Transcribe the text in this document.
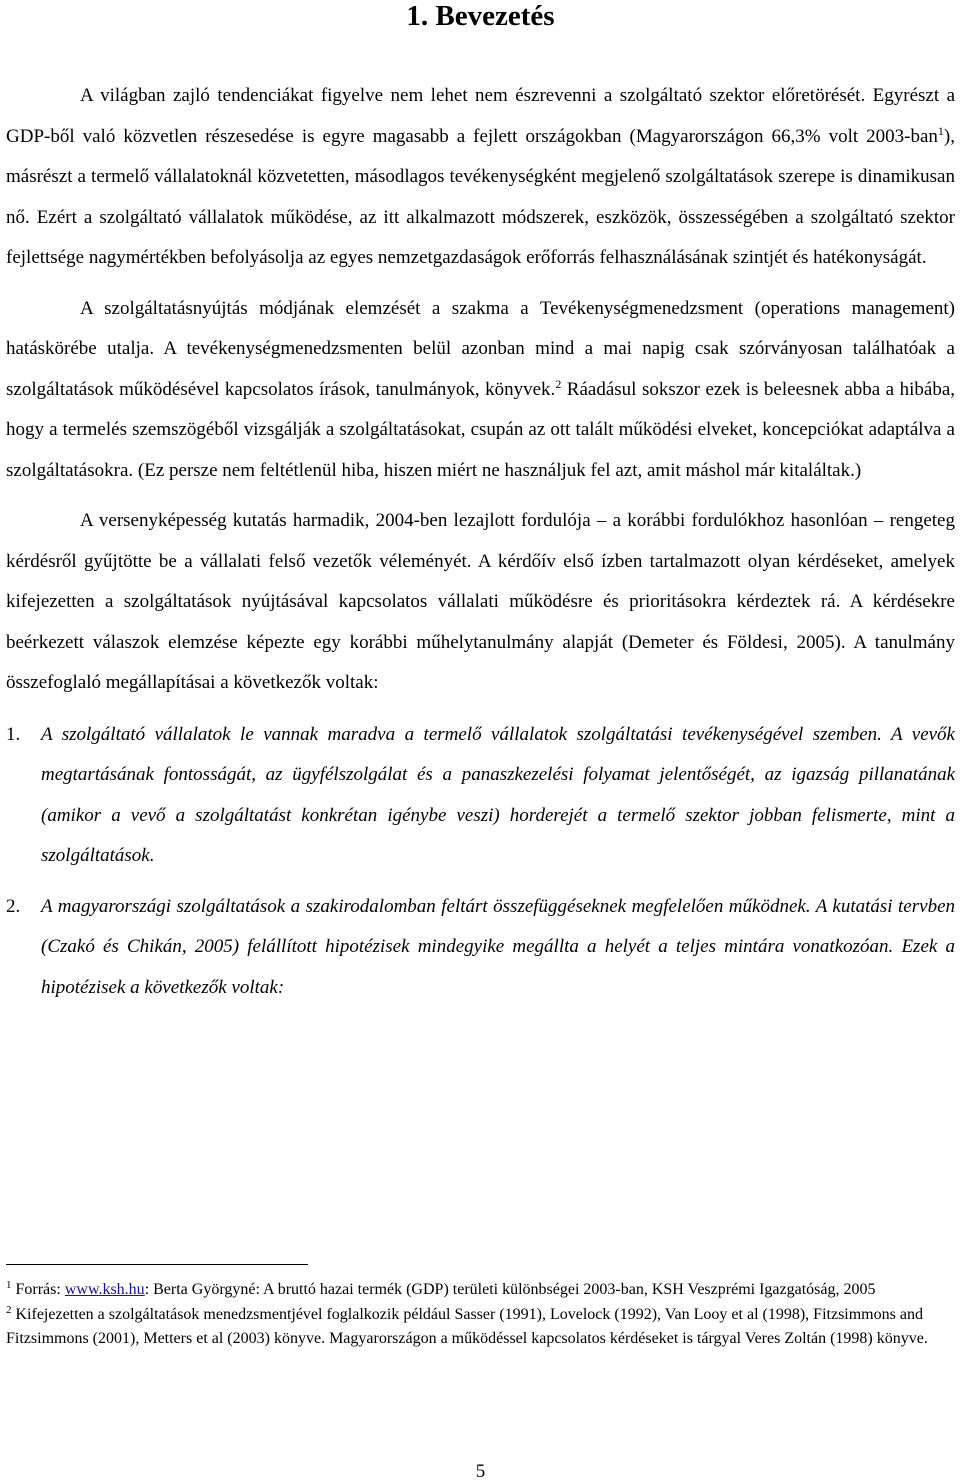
1. Bevezetés

A világban zajló tendenciákat figyelve nem lehet nem észrevenni a szolgáltató szektor előretörését. Egyrészt a GDP-ből való közvetlen részesedése is egyre magasabb a fejlett országokban (Magyarországon 66,3% volt 2003-ban$^1$), másrészt a termelő vállalatoknál közvetetten, másodlagos tevékenységként megjelenő szolgáltatások szerepe is dinamikusan nő. Ezért a szolgáltató vállalatok működése, az itt alkalmazott módszerek, eszközök, összességében a szolgáltató szektor fejlettsége nagymértékben befolyásolja az egyes nemzetgazdaságok erőforrás felhasználásának szintjét és hatékonyságát.

A szolgáltatásnyújtás módjának elemzését a szakma a Tevékenységmenedzsment (operations management) hatáskörébe utalja. A tevékenységmenedzsmenten belül azonban mind a mai napig csak szórványosan találhatóak a szolgáltatások működésével kapcsolatos írások, tanulmányok, könyvek.$^2$ Ráadásul sokszor ezek is beleesnek abba a hibába, hogy a termelés szemszögéből vizsgálják a szolgáltatásokat, csupán az ott talált működési elveket, koncepciókat adaptálva a szolgáltatásokra. (Ez persze nem feltétlenül hiba, hiszen miért ne használjuk fel azt, amit máshol már kitaláltak.)

A versenyképesség kutatás harmadik, 2004-ben lezajlott fordulója – a korábbi fordulókhoz hasonlóan – rengeteg kérdésről gyűjtötte be a vállalati felső vezetők véleményét. A kérdőív első ízben tartalmazott olyan kérdéseket, amelyek kifejezetten a szolgáltatások nyújtásával kapcsolatos vállalati működésre és prioritásokra kérdeztek rá. A kérdésekre beérkezett válaszok elemzése képezte egy korábbi műhelytanulmány alapját (Demeter és Földesi, 2005). A tanulmány összefoglaló megállapításai a következők voltak:

1. A szolgáltató vállalatok le vannak maradva a termelő vállalatok szolgáltatási tevékenységével szemben. A vevők megtartásának fontosságát, az ügyfélszolgálat és a panaszkezelési folyamat jelentőségét, az igazság pillanatának (amikor a vevő a szolgáltatást konkrétan igénybe veszi) horderejét a termelő szektor jobban felismerte, mint a szolgáltatások.
2. A magyarországi szolgáltatások a szakirodalomban feltárt összefüggéseknek megfelelően működnek. A kutatási tervben (Czakó és Chikán, 2005) felállított hipotézisek mindegyike megállta a helyét a teljes mintára vonatkozóan. Ezek a hipotézisek a következők voltak:

$^1$ Forrás: www.ksh.hu: Berta Györgyné: A bruttó hazai termék (GDP) területi különbségei 2003-ban, KSH Veszprémi Igazgatóság, 2005

$^2$ Kifejezetten a szolgáltatások menedzsmentjével foglalkozik például Sasser (1991), Lovelock (1992), Van Looy et al (1998), Fitzsimmons and Fitzsimmons (2001), Metters et al (2003) könyve. Magyarországon a működéssel kapcsolatos kérdéseket is tárgyal Veres Zoltán (1998) könyve.

5
